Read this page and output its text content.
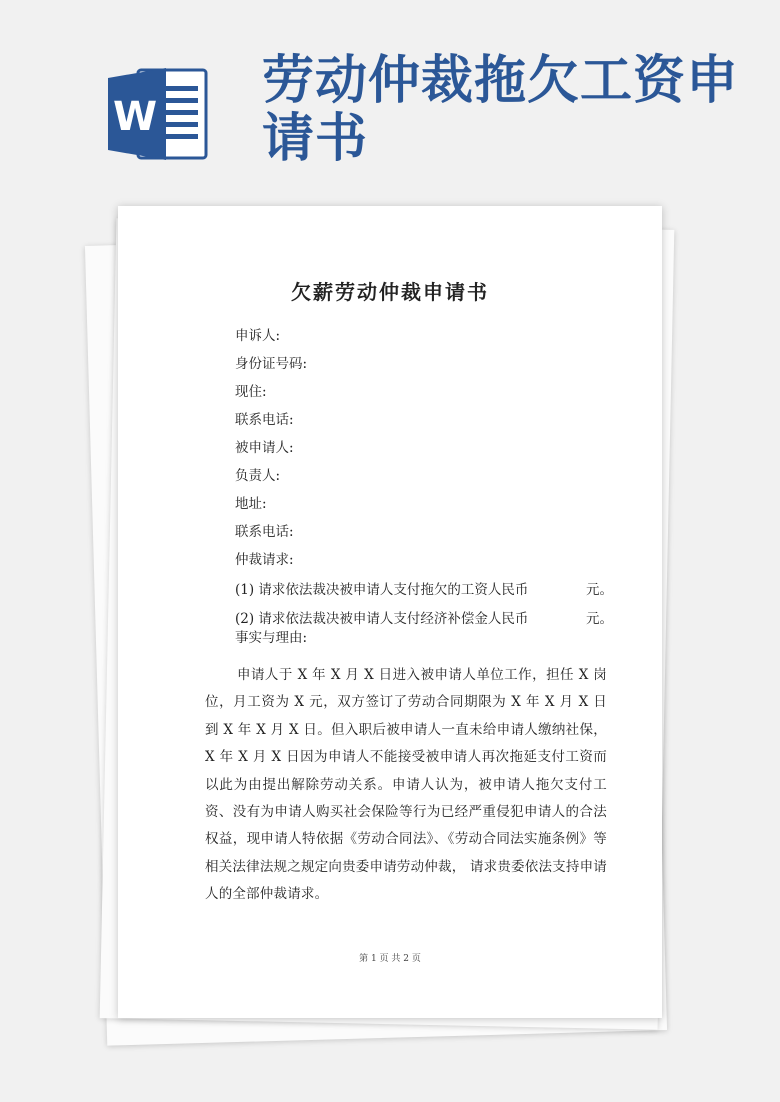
W
劳动仲裁拖欠工资申请书
欠薪劳动仲裁申请书

申诉人:

身份证号码:

现住:

联系电话:

被申请人:

负责人:

地址:

联系电话:

仲裁请求:

(1) 请求依法裁决被申请人支付拖欠的工资人民币	元。
(2) 请求依法裁决被申请人支付经济补偿金人民币	元。

事实与理由:

申请人于 X 年 X 月 X 日进入被申请人单位工作，担任 X 岗位，月工资为 X 元，双方签订了劳动合同期限为 X 年 X 月 X 日到 X 年 X 月 X 日。但入职后被申请人一直未给申请人缴纳社保， X 年 X 月 X 日因为申请人不能接受被申请人再次拖延支付工资而以此为由提出解除劳动关系。申请人认为，被申请人拖欠支付工资、没有为申请人购买社会保险等行为已经严重侵犯申请人的合法权益，现申请人特依据《劳动合同法》、《劳动合同法实施条例》等相关法律法规之规定向贵委申请劳动仲裁， 请求贵委依法支持申请人的全部仲裁请求。

第 1 页 共 2 页
